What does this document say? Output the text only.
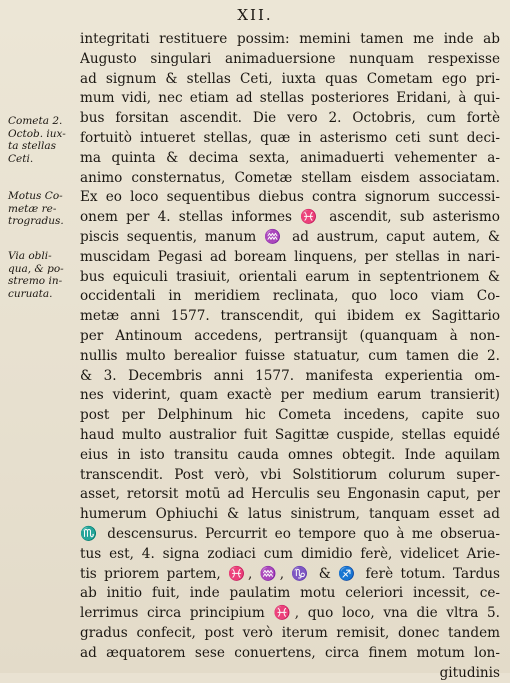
XII.
Cometa 2.
Octob. iux-
ta stellas
Ceti.
Motus Co-
metæ re-
trogradus.
Via obli-
qua, & po-
stremo in-
curuata.
integritati restituere possim: memini tamen me inde ab
Augusto singulari animaduersione nunquam respexisse
ad signum & stellas Ceti, iuxta quas Cometam ego pri-
mum vidi, nec etiam ad stellas posteriores Eridani, à qui-
bus forsitan ascendit. Die vero 2. Octobris, cum fortè
fortuitò intueret stellas, quæ in asterismo ceti sunt deci-
ma quinta & decima sexta, animaduerti vehementer a-
animo consternatus, Cometæ stellam eisdem associatam.
Ex eo loco sequentibus diebus contra signorum successi-
onem per 4. stellas informes ♓ ascendit, sub asterismo
piscis sequentis, manum ♒ ad austrum, caput autem, &
muscidam Pegasi ad boream linquens, per stellas in nari-
bus equiculi trasiuit, orientali earum in septentrionem &
occidentali in meridiem reclinata, quo loco viam Co-
metæ anni 1577. transcendit, qui ibidem ex Sagittario
per Antinoum accedens, pertransijt (quanquam à non-
nullis multo berealior fuisse statuatur, cum tamen die 2.
& 3. Decembris anni 1577. manifesta experientia om-
nes viderint, quam exactè per medium earum transierit)
post per Delphinum hic Cometa incedens, capite suo
haud multo australior fuit Sagittæ cuspide, stellas equidé
eius in isto transitu cauda omnes obtegit. Inde aquilam
transcendit. Post verò, vbi Solstitiorum colurum super-
asset, retorsit motū ad Herculis seu Engonasin caput, per
humerum Ophiuchi & latus sinistrum, tanquam esset ad
♏ descensurus. Percurrit eo tempore quo à me obserua-
tus est, 4. signa zodiaci cum dimidio ferè, videlicet Arie-
tis priorem partem, ♓, ♒, ♑ & ♐ ferè totum. Tardus
ab initio fuit, inde paulatim motu celeriori incessit, ce-
lerrimus circa principium ♓, quo loco, vna die vltra 5.
gradus confecit, post verò iterum remisit, donec tandem
ad æquatorem sese conuertens, circa finem motum lon-
gitudinis
